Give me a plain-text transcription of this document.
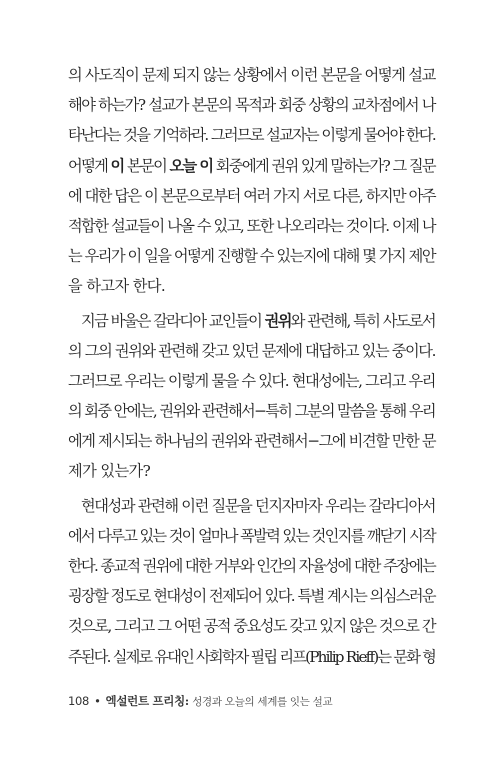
의 사도직이 문제 되지 않는 상황에서 이런 본문을 어떻게 설교
해야 하는가? 설교가 본문의 목적과 회중 상황의 교차점에서 나
타난다는 것을 기억하라. 그러므로 설교자는 이렇게 물어야 한다.
어떻게 이 본문이 오늘 이 회중에게 권위 있게 말하는가? 그 질문
에 대한 답은 이 본문으로부터 여러 가지 서로 다른, 하지만 아주
적합한 설교들이 나올 수 있고, 또한 나오리라는 것이다. 이제 나
는 우리가 이 일을 어떻게 진행할 수 있는지에 대해 몇 가지 제안
을 하고자 한다.
지금 바울은 갈라디아 교인들이 권위와 관련해, 특히 사도로서
의 그의 권위와 관련해 갖고 있던 문제에 대답하고 있는 중이다.
그러므로 우리는 이렇게 물을 수 있다. 현대성에는, 그리고 우리
의 회중 안에는, 권위와 관련해서−특히 그분의 말씀을 통해 우리
에게 제시되는 하나님의 권위와 관련해서−그에 비견할 만한 문
제가 있는가?
현대성과 관련해 이런 질문을 던지자마자 우리는 갈라디아서
에서 다루고 있는 것이 얼마나 폭발력 있는 것인지를 깨닫기 시작
한다. 종교적 권위에 대한 거부와 인간의 자율성에 대한 주장에는
굉장할 정도로 현대성이 전제되어 있다. 특별 계시는 의심스러운
것으로, 그리고 그 어떤 공적 중요성도 갖고 있지 않은 것으로 간
주된다. 실제로 유대인 사회학자 필립 리프(Philip Rieff)는 문화 형
108 • 엑설런트 프리칭: 성경과 오늘의 세계를 잇는 설교
